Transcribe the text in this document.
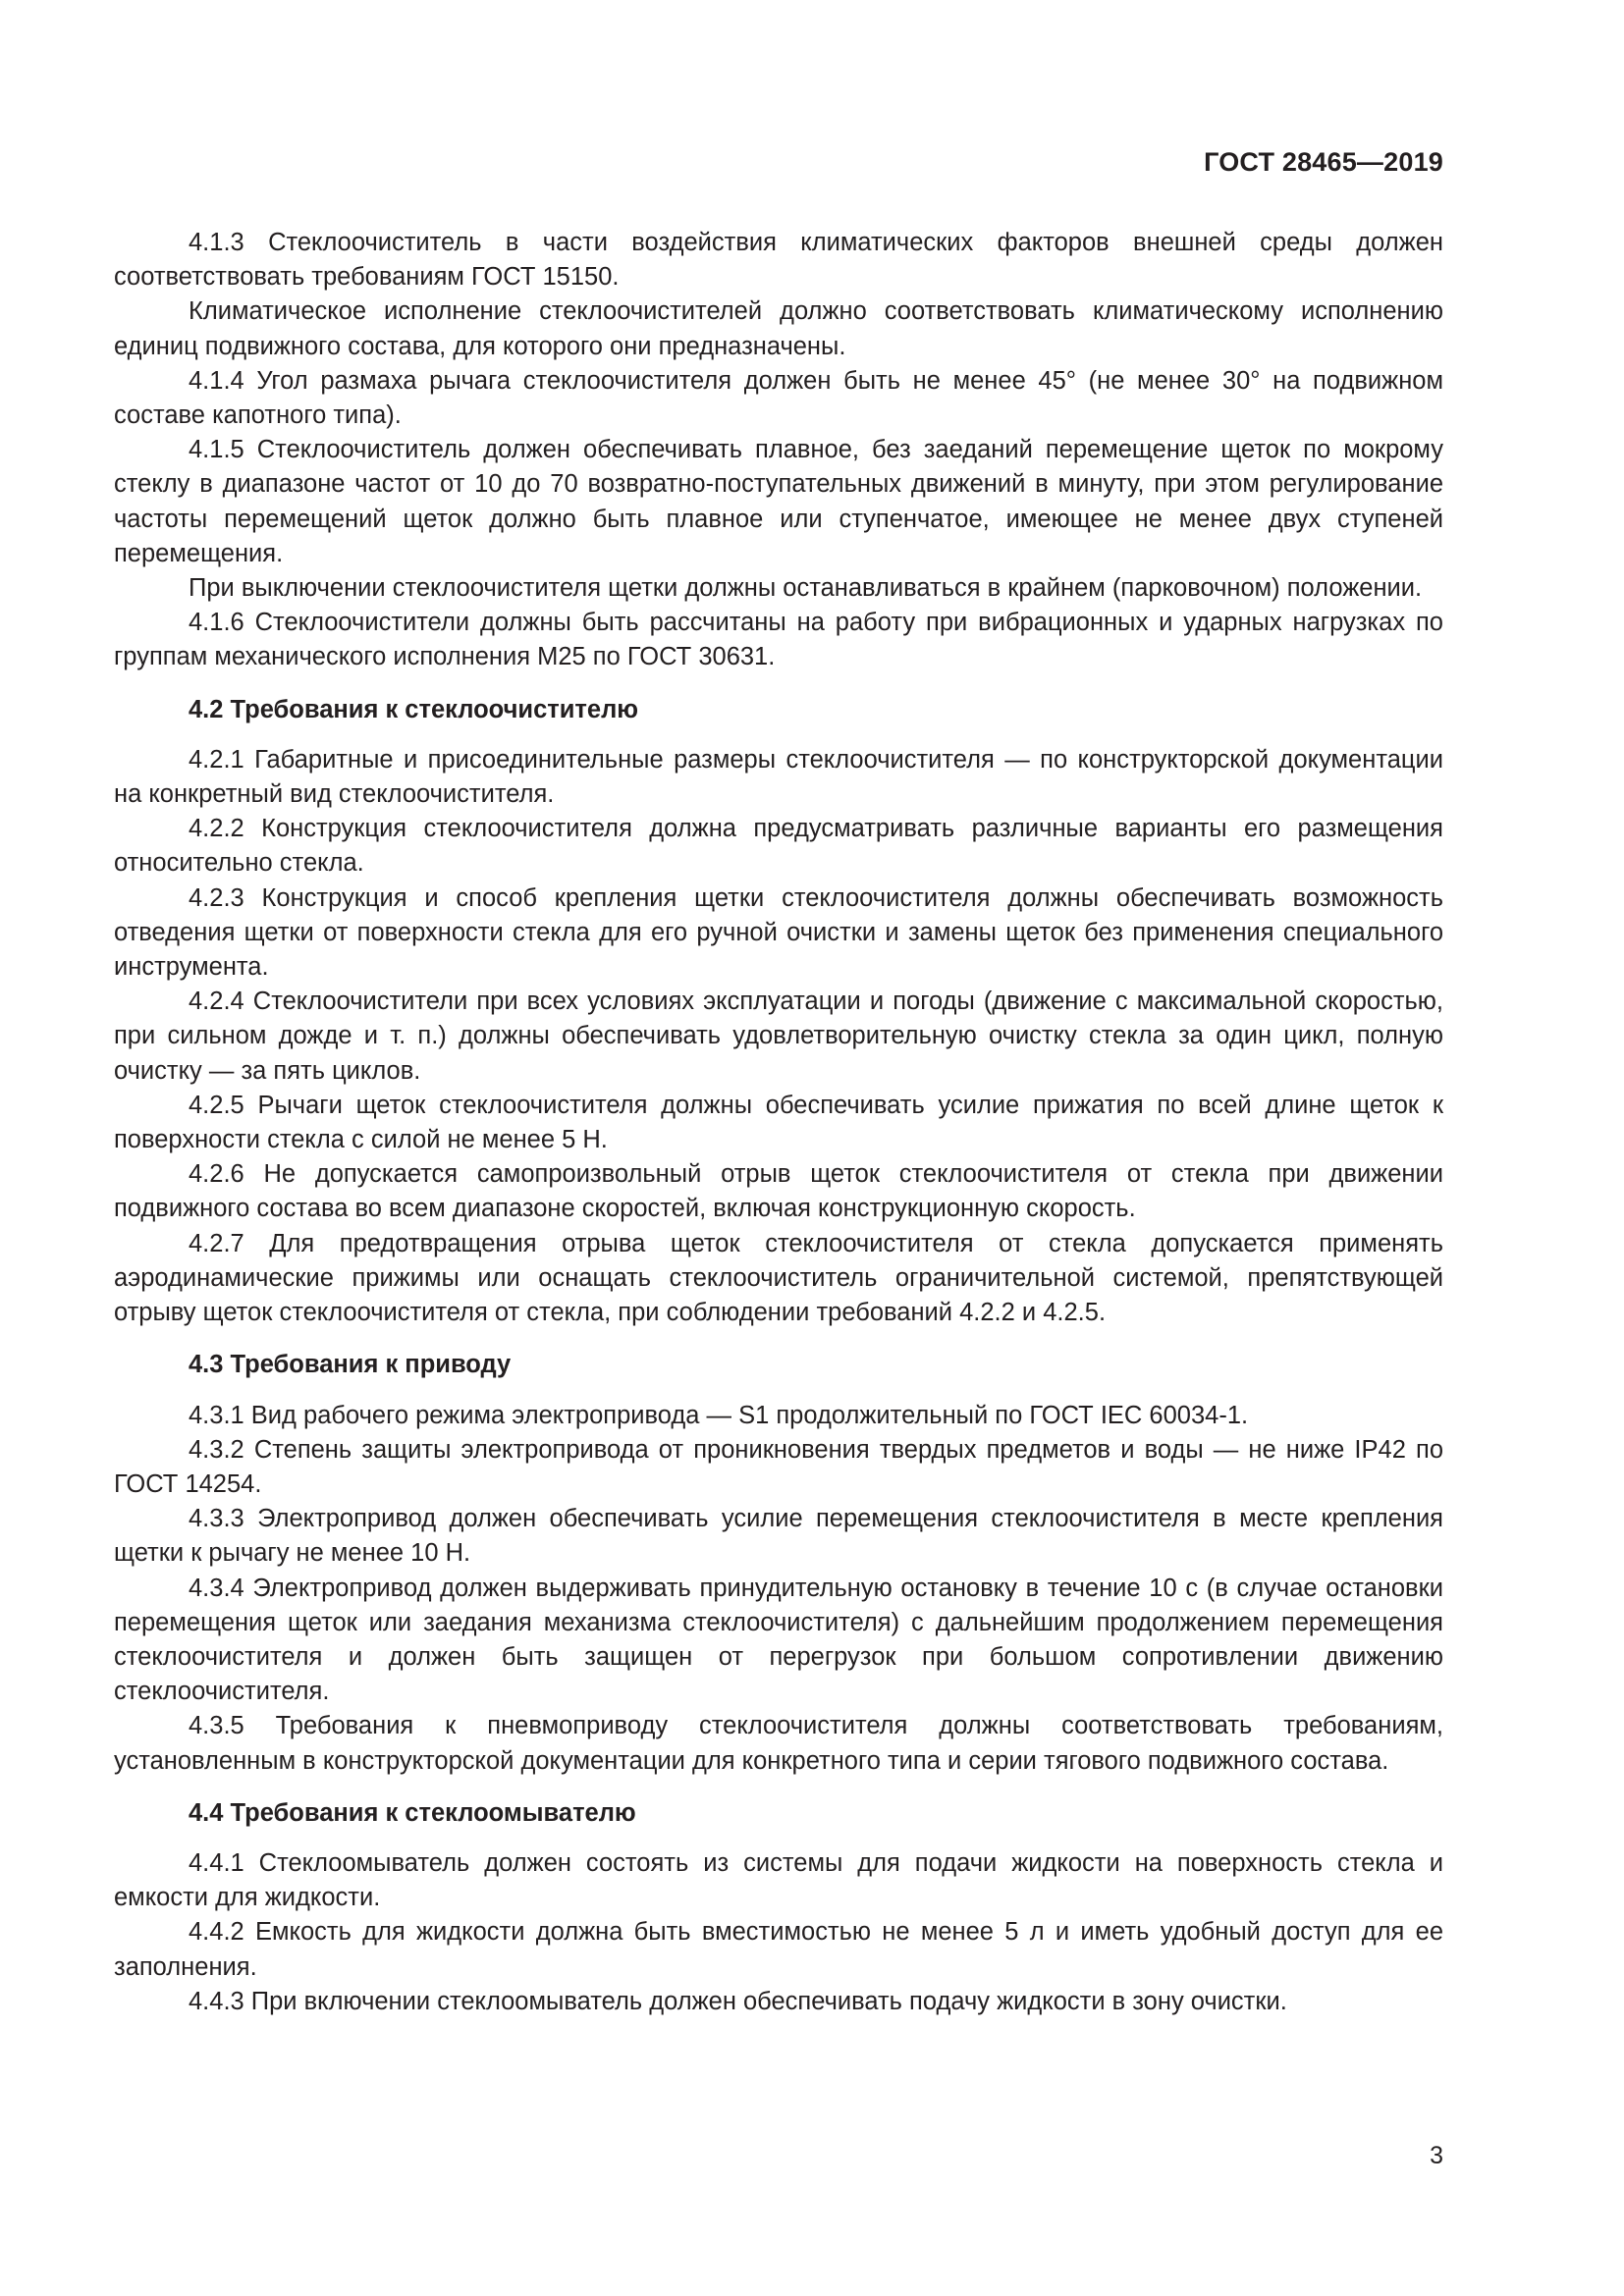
ГОСТ 28465—2019

4.1.3 Стеклоочиститель в части воздействия климатических факторов внешней среды должен соответствовать требованиям ГОСТ 15150.

Климатическое исполнение стеклоочистителей должно соответствовать климатическому исполнению единиц подвижного состава, для которого они предназначены.

4.1.4 Угол размаха рычага стеклоочистителя должен быть не менее 45° (не менее 30° на подвижном составе капотного типа).

4.1.5 Стеклоочиститель должен обеспечивать плавное, без заеданий перемещение щеток по мокрому стеклу в диапазоне частот от 10 до 70 возвратно-поступательных движений в минуту, при этом регулирование частоты перемещений щеток должно быть плавное или ступенчатое, имеющее не менее двух ступеней перемещения.

При выключении стеклоочистителя щетки должны останавливаться в крайнем (парковочном) положении.

4.1.6 Стеклоочистители должны быть рассчитаны на работу при вибрационных и ударных нагрузках по группам механического исполнения М25 по ГОСТ 30631.

4.2 Требования к стеклоочистителю

4.2.1 Габаритные и присоединительные размеры стеклоочистителя — по конструкторской документации на конкретный вид стеклоочистителя.

4.2.2 Конструкция стеклоочистителя должна предусматривать различные варианты его размещения относительно стекла.

4.2.3 Конструкция и способ крепления щетки стеклоочистителя должны обеспечивать возможность отведения щетки от поверхности стекла для его ручной очистки и замены щеток без применения специального инструмента.

4.2.4 Стеклоочистители при всех условиях эксплуатации и погоды (движение с максимальной скоростью, при сильном дожде и т. п.) должны обеспечивать удовлетворительную очистку стекла за один цикл, полную очистку — за пять циклов.

4.2.5 Рычаги щеток стеклоочистителя должны обеспечивать усилие прижатия по всей длине щеток к поверхности стекла с силой не менее 5 Н.

4.2.6 Не допускается самопроизвольный отрыв щеток стеклоочистителя от стекла при движении подвижного состава во всем диапазоне скоростей, включая конструкционную скорость.

4.2.7 Для предотвращения отрыва щеток стеклоочистителя от стекла допускается применять аэродинамические прижимы или оснащать стеклоочиститель ограничительной системой, препятствующей отрыву щеток стеклоочистителя от стекла, при соблюдении требований 4.2.2 и 4.2.5.

4.3 Требования к приводу

4.3.1 Вид рабочего режима электропривода — S1 продолжительный по ГОСТ IEC 60034-1.

4.3.2 Степень защиты электропривода от проникновения твердых предметов и воды — не ниже IP42 по ГОСТ 14254.

4.3.3 Электропривод должен обеспечивать усилие перемещения стеклоочистителя в месте крепления щетки к рычагу не менее 10 Н.

4.3.4 Электропривод должен выдерживать принудительную остановку в течение 10 с (в случае остановки перемещения щеток или заедания механизма стеклоочистителя) с дальнейшим продолжением перемещения стеклоочистителя и должен быть защищен от перегрузок при большом сопротивлении движению стеклоочистителя.

4.3.5 Требования к пневмоприводу стеклоочистителя должны соответствовать требованиям, установленным в конструкторской документации для конкретного типа и серии тягового подвижного состава.

4.4 Требования к стеклоомывателю

4.4.1 Стеклоомыватель должен состоять из системы для подачи жидкости на поверхность стекла и емкости для жидкости.

4.4.2 Емкость для жидкости должна быть вместимостью не менее 5 л и иметь удобный доступ для ее заполнения.

4.4.3 При включении стеклоомыватель должен обеспечивать подачу жидкости в зону очистки.

3
